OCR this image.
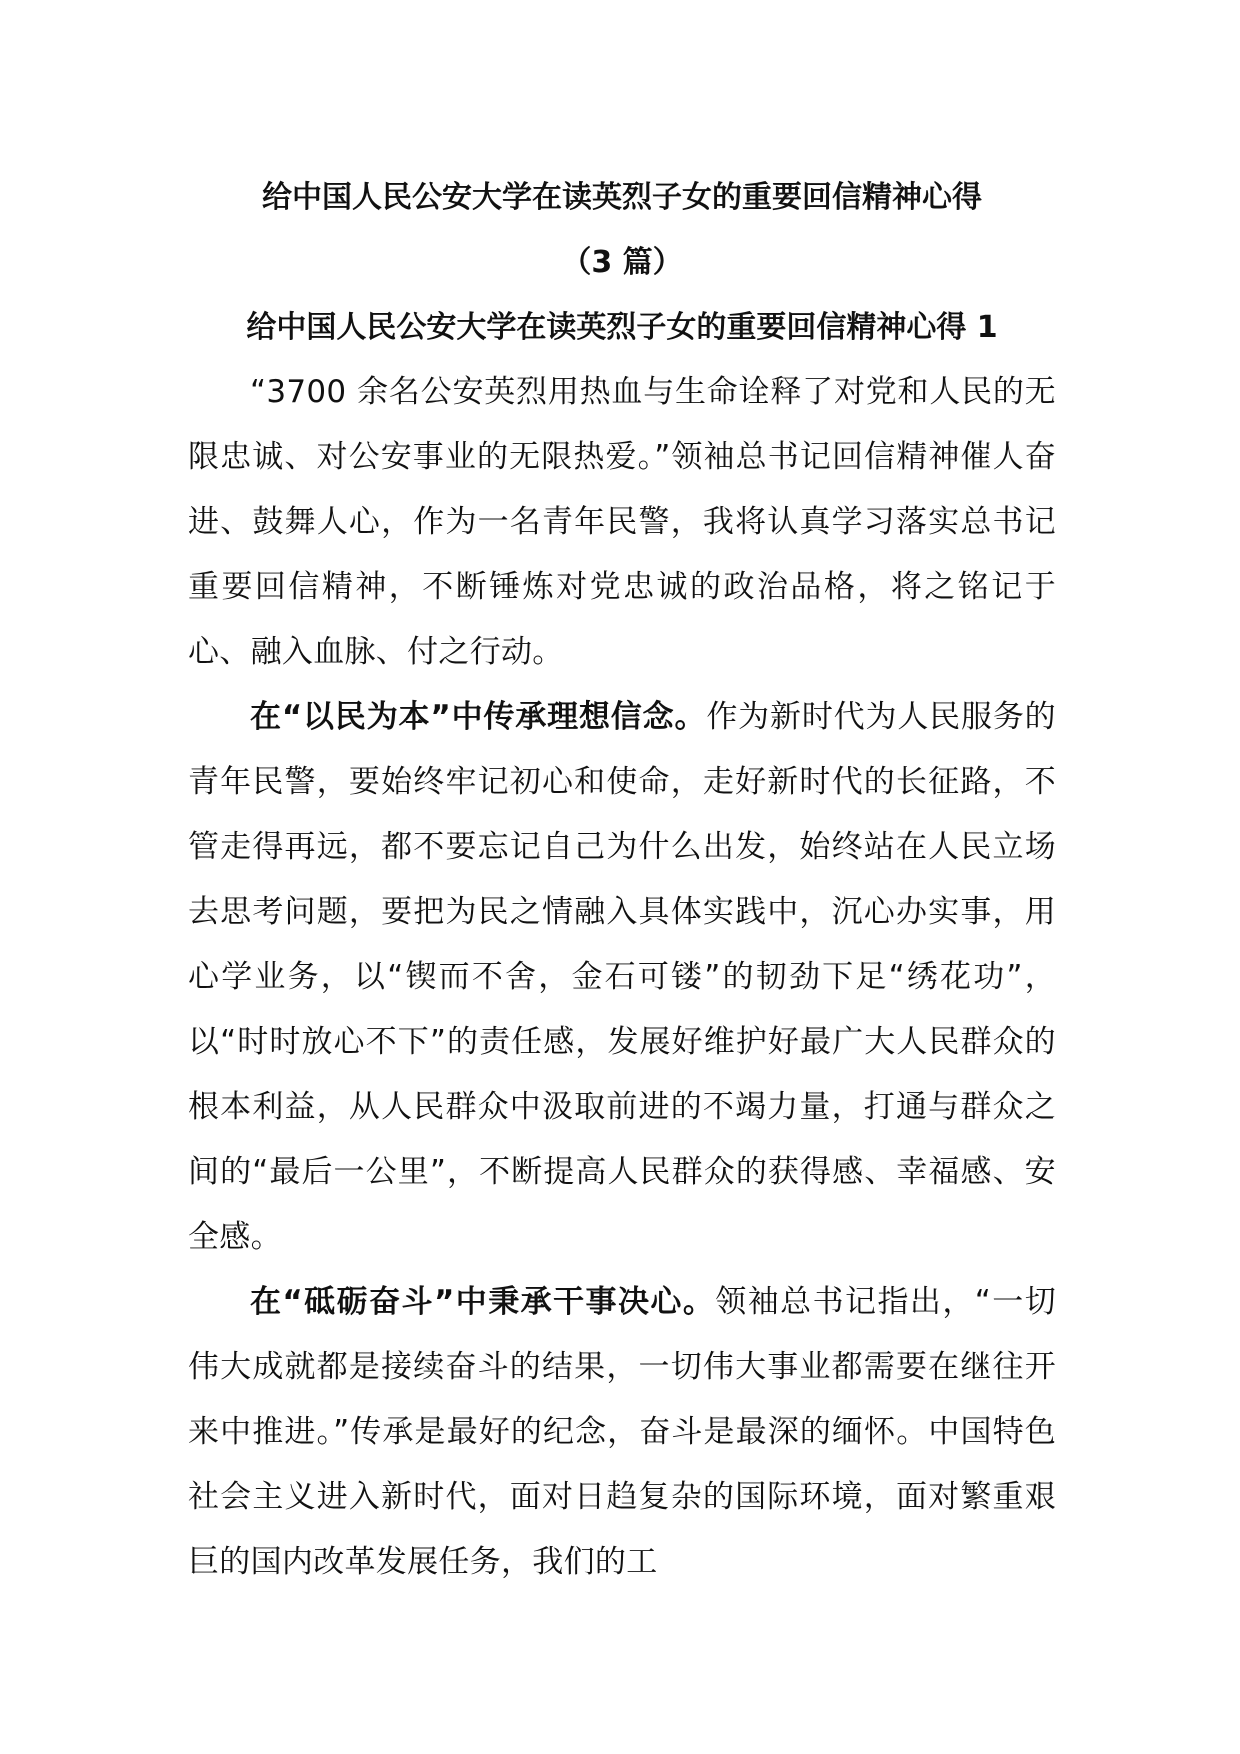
给中国人民公安大学在读英烈子女的重要回信精神心得

（3 篇）

给中国人民公安大学在读英烈子女的重要回信精神心得 1

“3700 余名公安英烈用热血与生命诠释了对党和人民的无限忠诚、对公安事业的无限热爱。”领袖总书记回信精神催人奋进、鼓舞人心，作为一名青年民警，我将认真学习落实总书记重要回信精神，不断锤炼对党忠诚的政治品格，将之铭记于心、融入血脉、付之行动。

在“以民为本”中传承理想信念。作为新时代为人民服务的青年民警，要始终牢记初心和使命，走好新时代的长征路，不管走得再远，都不要忘记自己为什么出发，始终站在人民立场去思考问题，要把为民之情融入具体实践中，沉心办实事，用心学业务，以“锲而不舍，金石可镂”的韧劲下足“绣花功”，以“时时放心不下”的责任感，发展好维护好最广大人民群众的根本利益，从人民群众中汲取前进的不竭力量，打通与群众之间的“最后一公里”，不断提高人民群众的获得感、幸福感、安全感。

在“砥砺奋斗”中秉承干事决心。领袖总书记指出，“一切伟大成就都是接续奋斗的结果，一切伟大事业都需要在继往开来中推进。”传承是最好的纪念，奋斗是最深的缅怀。中国特色社会主义进入新时代，面对日趋复杂的国际环境，面对繁重艰巨的国内改革发展任务，我们的工
